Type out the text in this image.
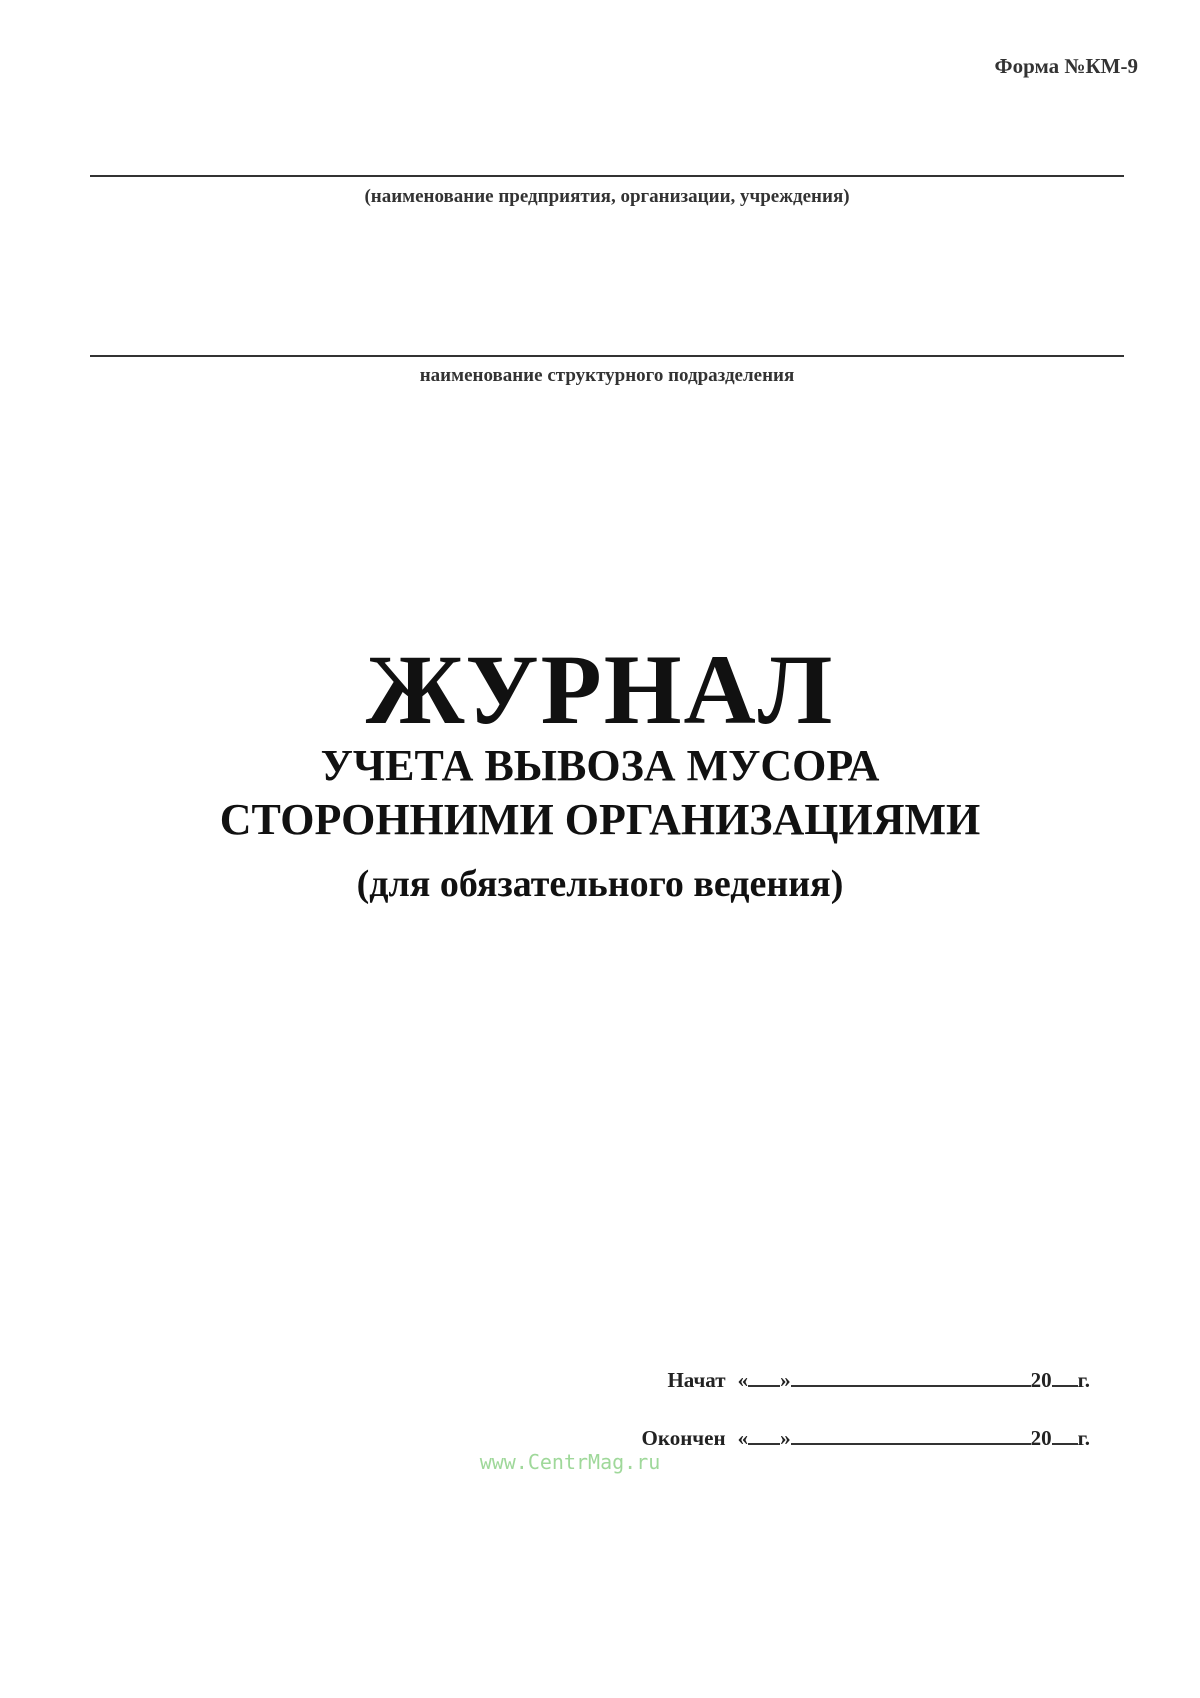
Форма №КМ-9
(наименование предприятия, организации, учреждения)
наименование структурного подразделения
ЖУРНАЛ
УЧЕТА ВЫВОЗА МУСОРА
СТОРОННИМИ ОРГАНИЗАЦИЯМИ
(для обязательного ведения)
Начат « »	20 г.
Окончен « »	20 г.
www.CentrMag.ru
